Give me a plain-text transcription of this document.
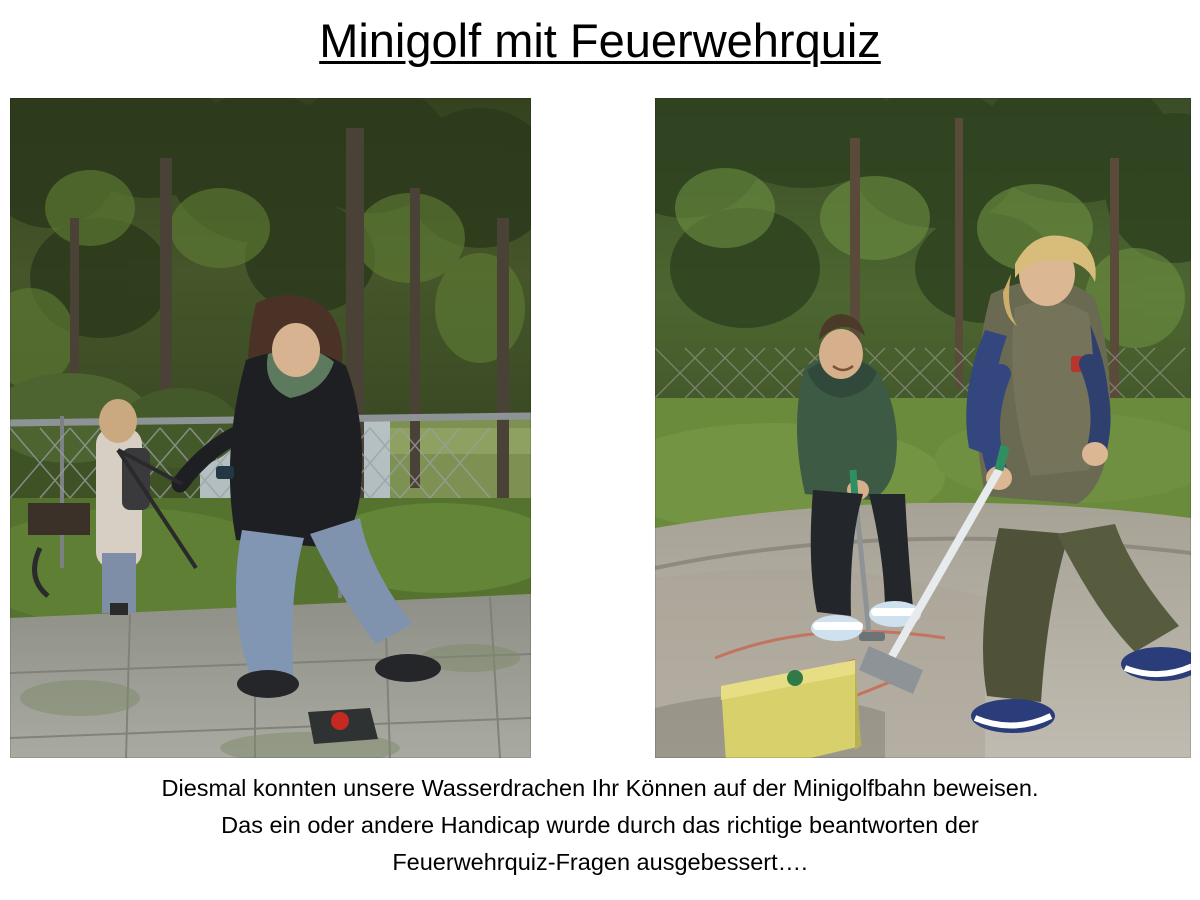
Minigolf mit Feuerwehrquiz
Diesmal konnten unsere Wasserdrachen Ihr Können auf der Minigolfbahn beweisen.
Das ein oder andere Handicap wurde durch das richtige beantworten der
Feuerwehrquiz-Fragen ausgebessert….
